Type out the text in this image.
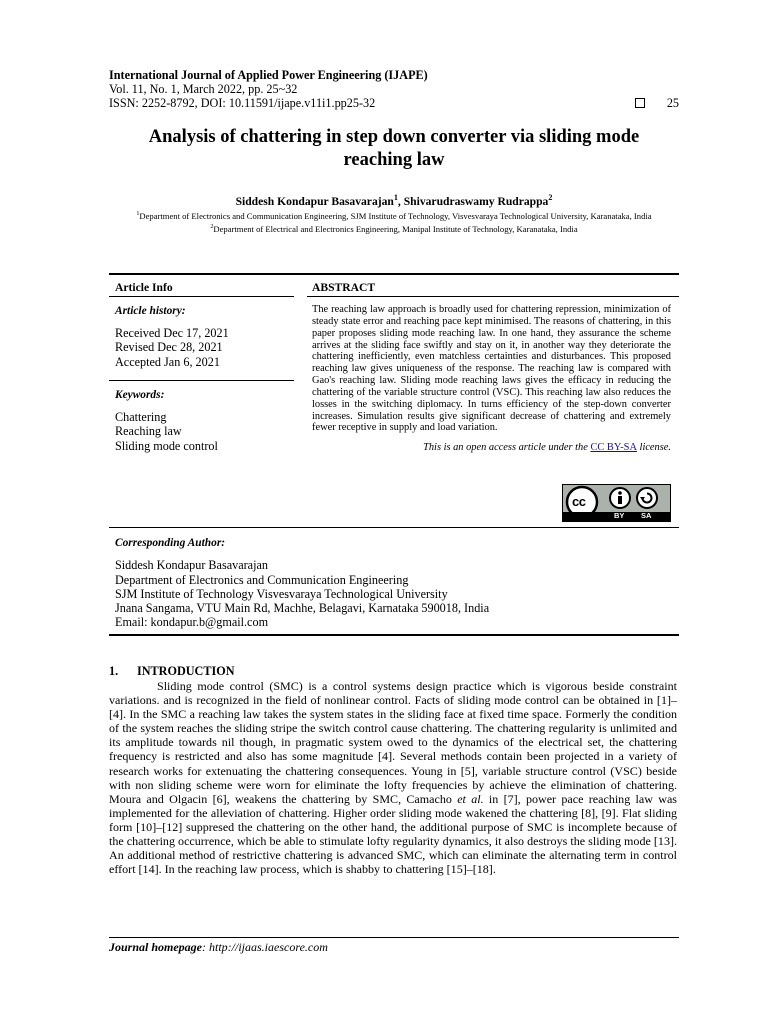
International Journal of Applied Power Engineering (IJAPE)
Vol. 11, No. 1, March 2022, pp. 25~32
ISSN: 2252-8792, DOI: 10.11591/ijape.v11i1.pp25-32	25
Analysis of chattering in step down converter via sliding mode
reaching law
Siddesh Kondapur Basavarajan$^1$, Shivarudraswamy Rudrappa$^2$

$^1$Department of Electronics and Communication Engineering, SJM Institute of Technology, Visvesvaraya Technological University, Karanataka, India

$^2$Department of Electrical and Electronics Engineering, Manipal Institute of Technology, Karanataka, India

Article Info
Article history:

Received Dec 17, 2021

Revised Dec 28, 2021

Accepted Jan 6, 2021

Keywords:

Chattering

Reaching law

Sliding mode control

ABSTRACT

The reaching law approach is broadly used for chattering repression, minimization of steady state error and reaching pace kept minimised. The reasons of chattering, in this paper proposes sliding mode reaching law. In one hand, they assurance the scheme arrives at the sliding face swiftly and stay on it, in another way they deteriorate the chattering inefficiently, even matchless certainties and disturbances. This proposed reaching law gives uniqueness of the response. The reaching law is compared with Gao's reaching law. Sliding mode reaching laws gives the efficacy in reducing the chattering of the variable structure control (VSC). This reaching law also reduces the losses in the switching diplomacy. In turns efficiency of the step-down converter increases. Simulation results give significant decrease of chattering and extremely fewer receptive in supply and load variation.

This is an open access article under the CC BY-SA license.
cc
BY SA
Corresponding Author:

Siddesh Kondapur Basavarajan

Department of Electronics and Communication Engineering

SJM Institute of Technology Visvesvaraya Technological University

Jnana Sangama, VTU Main Rd, Machhe, Belagavi, Karnataka 590018, India

Email: kondapur.b@gmail.com

1. INTRODUCTION

Sliding mode control (SMC) is a control systems design practice which is vigorous beside constraint variations. and is recognized in the field of nonlinear control. Facts of sliding mode control can be obtained in [1]–[4]. In the SMC a reaching law takes the system states in the sliding face at fixed time space. Formerly the condition of the system reaches the sliding stripe the switch control cause chattering. The chattering regularity is unlimited and its amplitude towards nil though, in pragmatic system owed to the dynamics of the electrical set, the chattering frequency is restricted and also has some magnitude [4]. Several methods contain been projected in a variety of research works for extenuating the chattering consequences. Young in [5], variable structure control (VSC) beside with non sliding scheme were worn for eliminate the lofty frequencies by achieve the elimination of chattering. Moura and Olgacin [6], weakens the chattering by SMC, Camacho et al. in [7], power pace reaching law was implemented for the alleviation of chattering. Higher order sliding mode wakened the chattering [8], [9]. Flat sliding form [10]–[12] suppresed the chattering on the other hand, the additional purpose of SMC is incomplete because of the chattering occurrence, which be able to stimulate lofty regularity dynamics, it also destroys the sliding mode [13]. An additional method of restrictive chattering is advanced SMC, which can eliminate the alternating term in control effort [14]. In the reaching law process, which is shabby to chattering [15]–[18].

Journal homepage: http://ijaas.iaescore.com
